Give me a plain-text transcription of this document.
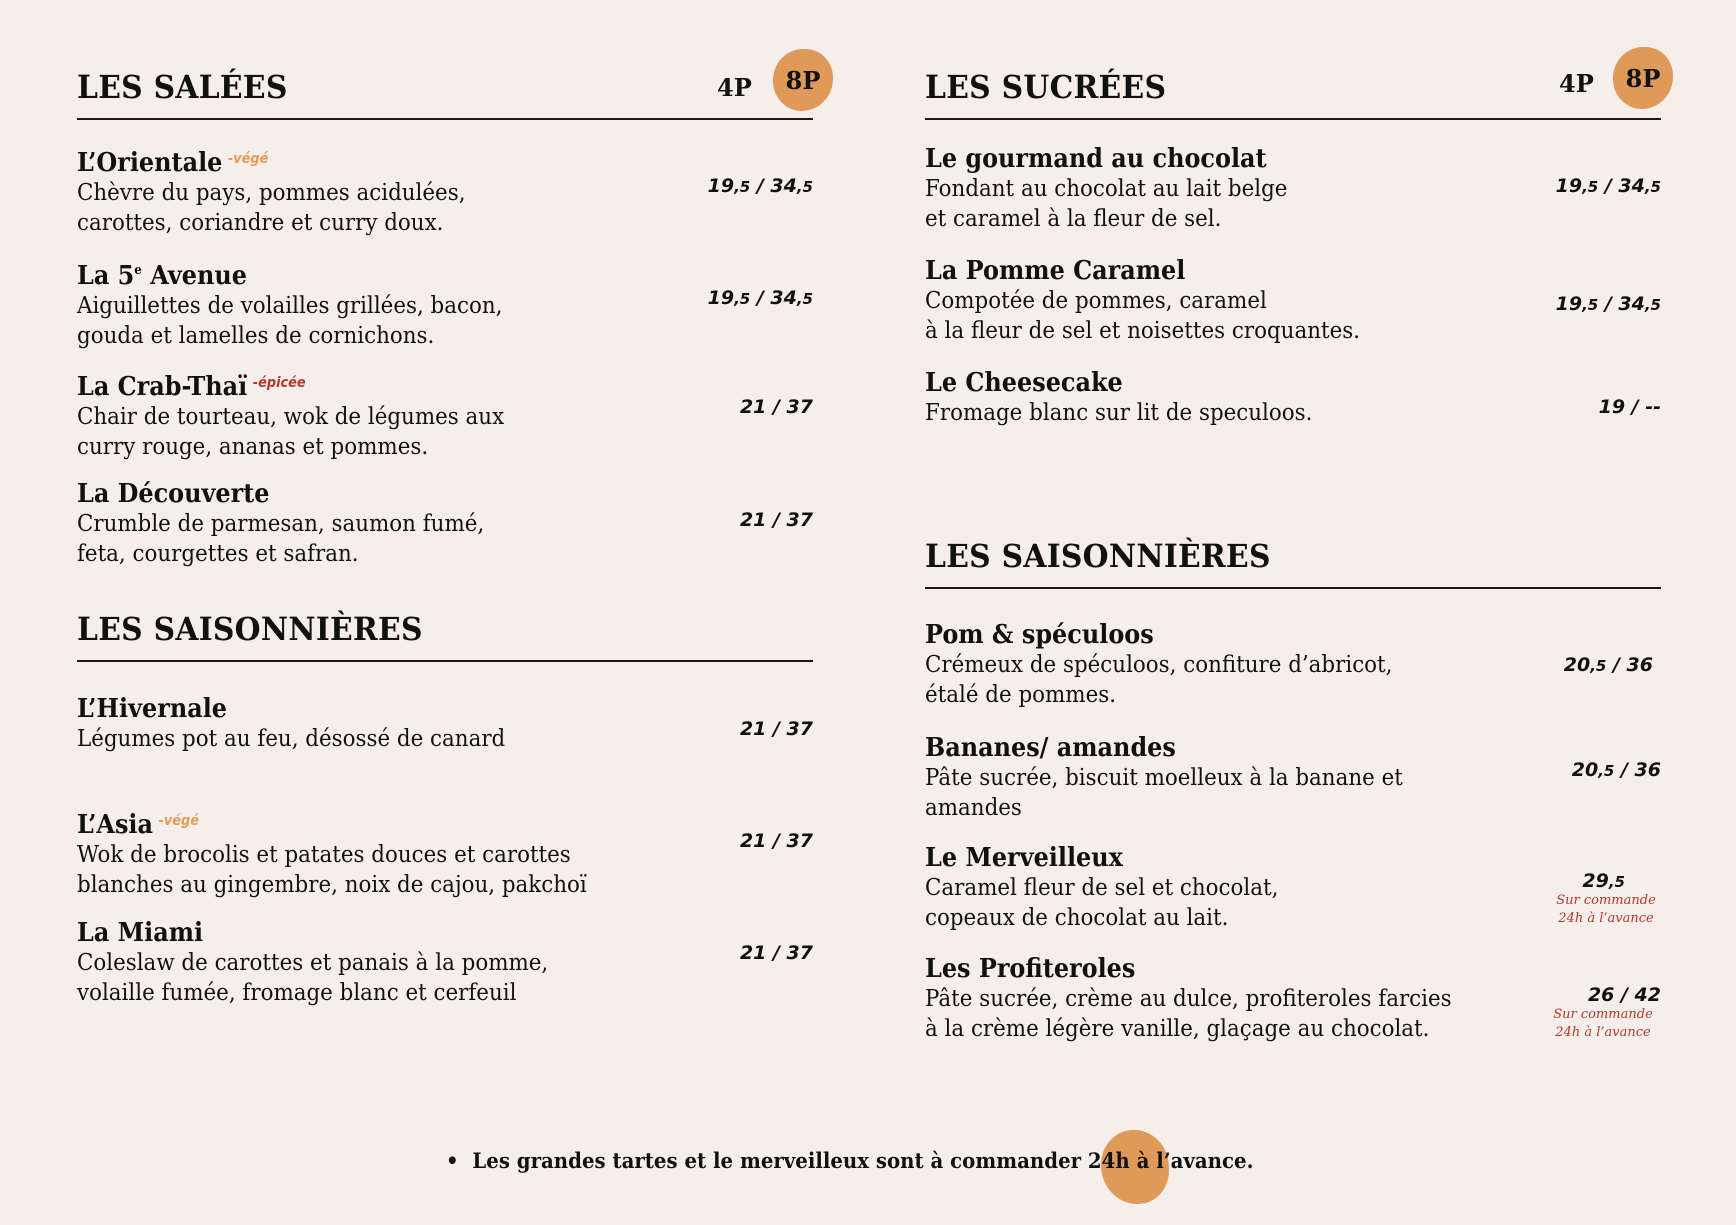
LES SALÉES	4P	8P
L’Orientale $^{-végé}$
Chèvre du pays, pommes acidulées,
carottes, coriandre et curry doux.
19,5 / 34,5
La 5e Avenue
Aiguillettes de volailles grillées, bacon,
gouda et lamelles de cornichons.
19,5 / 34,5
La Crab-Thaï $^{-épicée}$
Chair de tourteau, wok de légumes aux
curry rouge, ananas et pommes.
21 / 37
La Découverte
Crumble de parmesan, saumon fumé,
feta, courgettes et safran.
21 / 37
LES SAISONNIÈRES
L’Hivernale
Légumes pot au feu, désossé de canard	21 / 37
L’Asia $^{-végé}$
Wok de brocolis et patates douces et carottes
blanches au gingembre, noix de cajou, pakchoï
21 / 37
La Miami
Coleslaw de carottes et panais à la pomme,
volaille fumée, fromage blanc et cerfeuil
21 / 37
LES SUCRÉES	4P	8P
Le gourmand au chocolat
Fondant au chocolat au lait belge
et caramel à la fleur de sel.
19,5 / 34,5
La Pomme Caramel
Compotée de pommes, caramel
à la fleur de sel et noisettes croquantes.
19,5 / 34,5
Le Cheesecake
Fromage blanc sur lit de speculoos.	19 / --
LES SAISONNIÈRES
Pom & spéculoos
Crémeux de spéculoos, confiture d’abricot,
étalé de pommes.
20,5 / 36
Bananes/ amandes
Pâte sucrée, biscuit moelleux à la banane et
amandes
20,5 / 36
Le Merveilleux
Caramel fleur de sel et chocolat,
copeaux de chocolat au lait.
29,5
Sur commande
24h à l’avance
Les Profiteroles
Pâte sucrée, crème au dulce, profiteroles farcies
à la crème légère vanille, glaçage au chocolat.
26 / 42
Sur commande
24h à l’avance
• Les grandes tartes et le merveilleux sont à commander 24h à l’avance.
